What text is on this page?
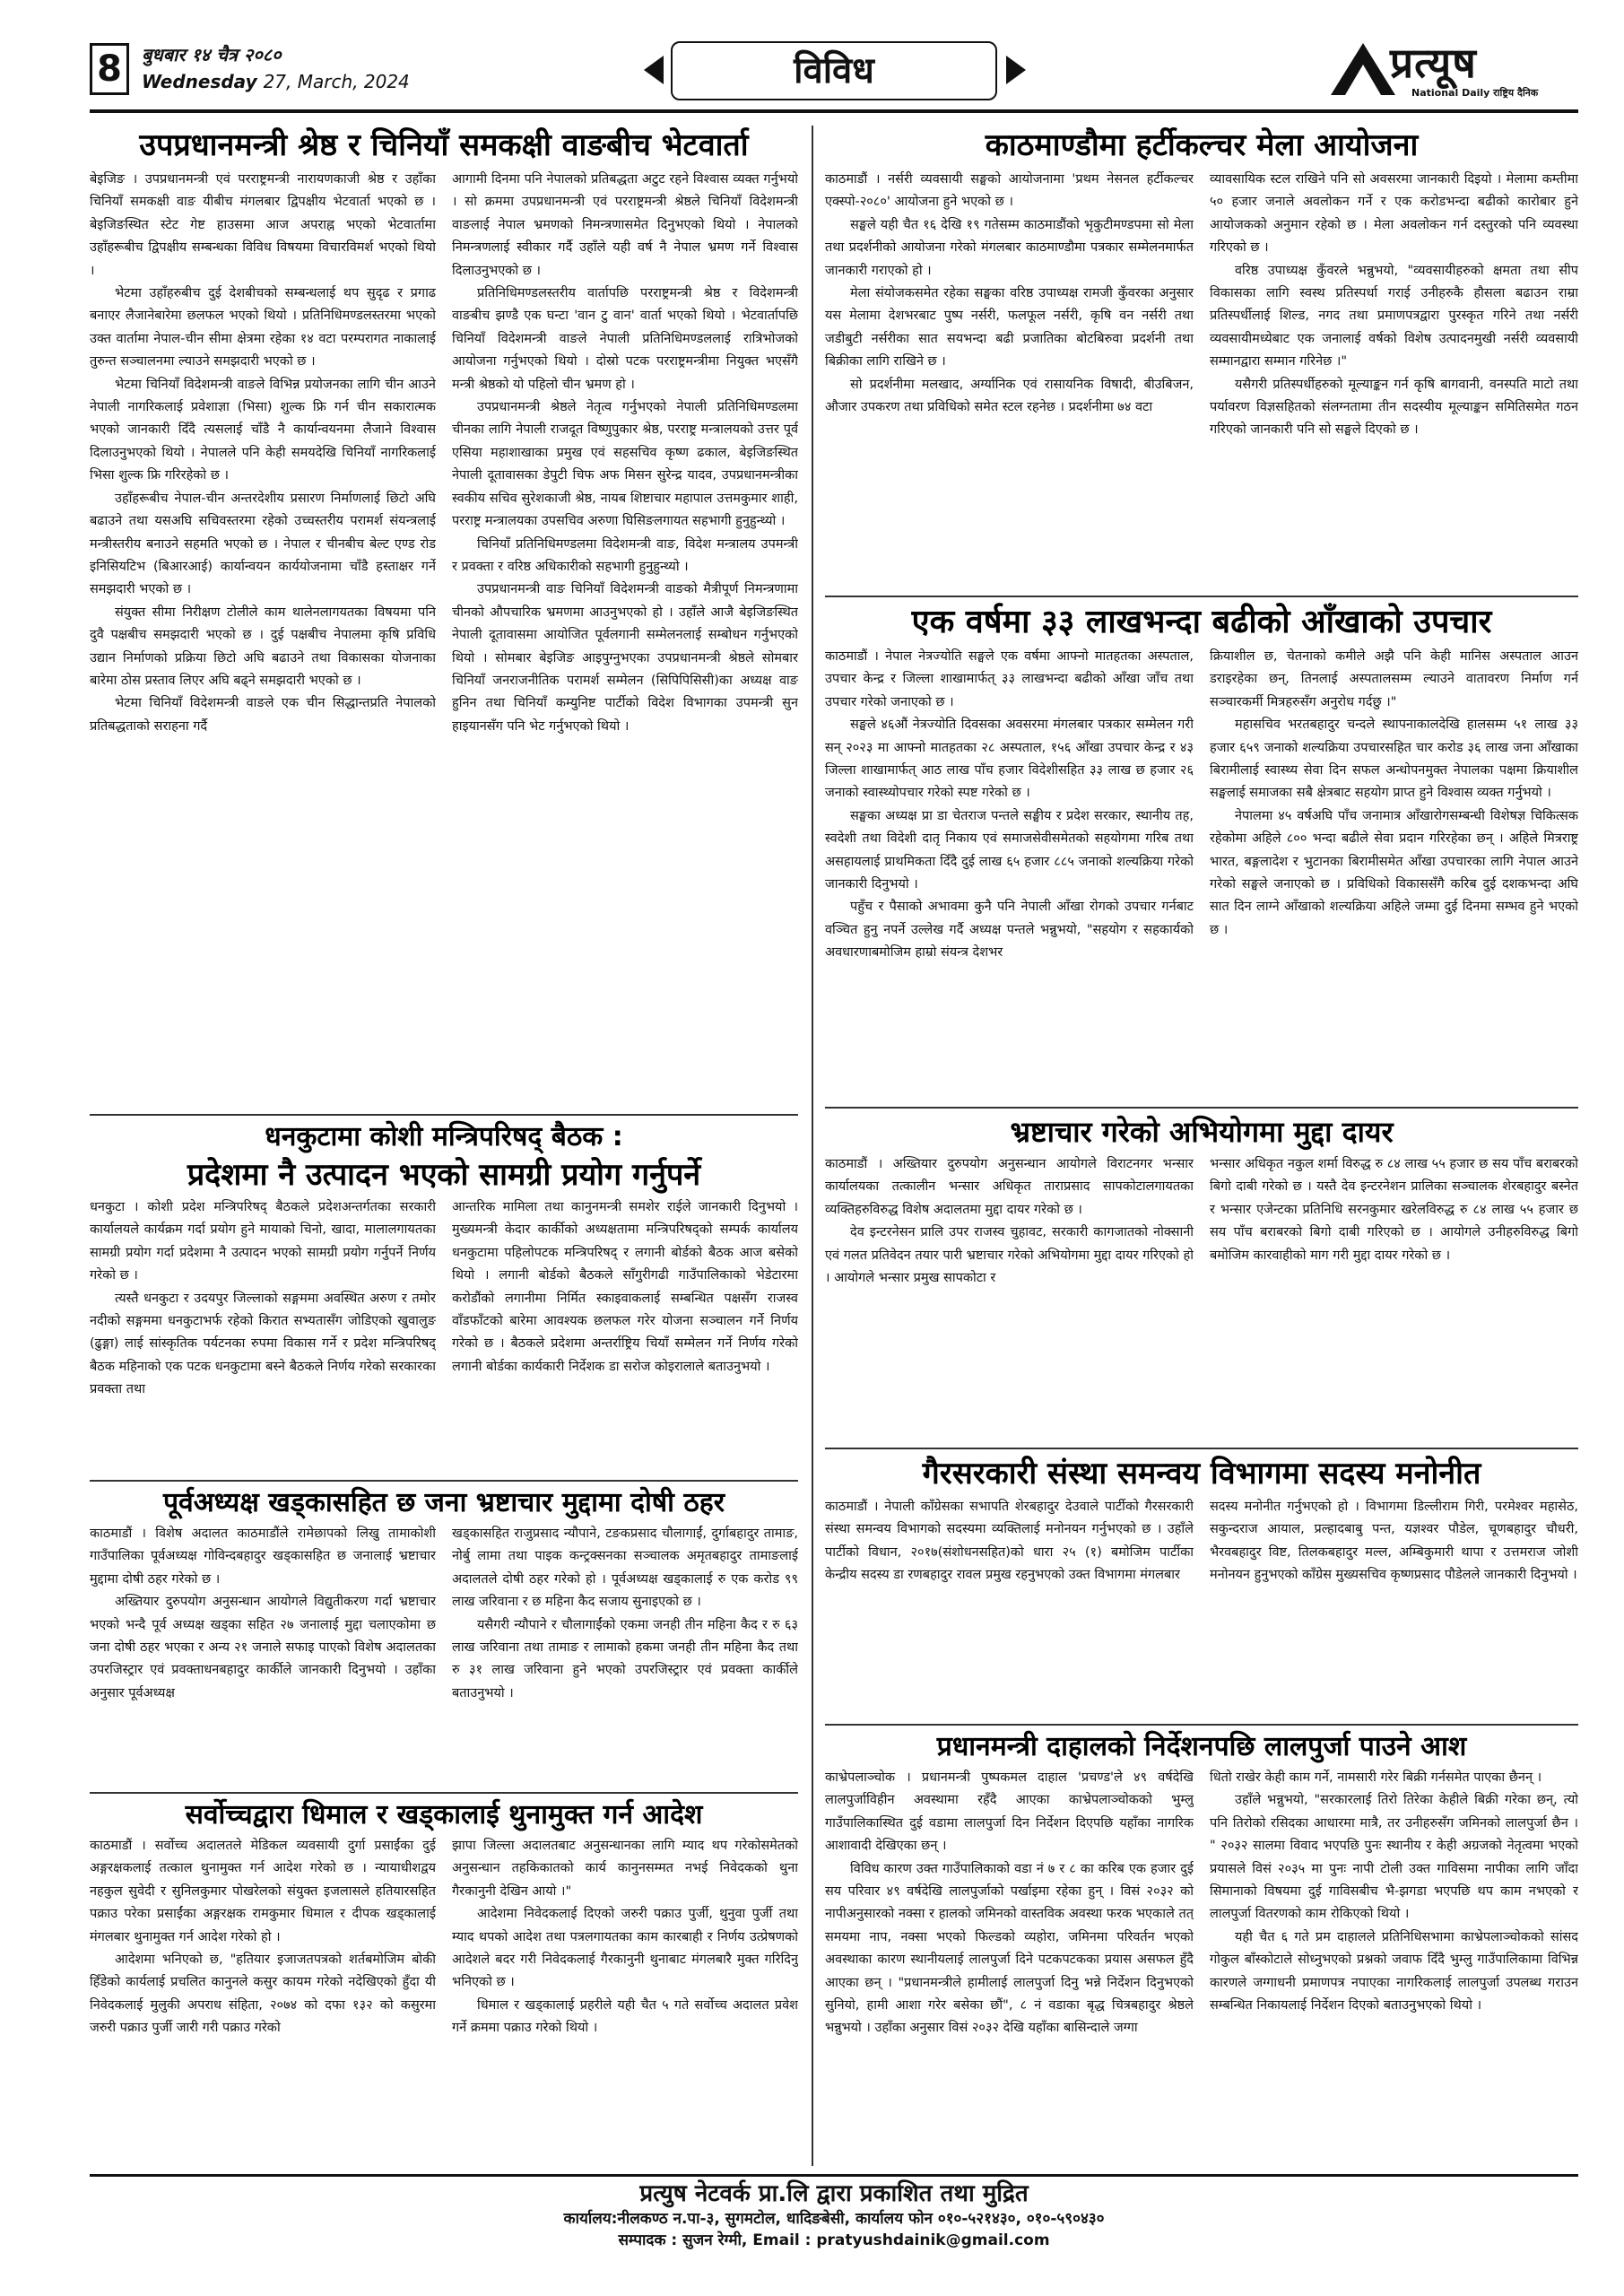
8	बुधबार १४ चैत्र २०८०
Wednesday 27, March, 2024	विविध	प्रत्यूष
National Daily राष्ट्रिय दैनिक
उपप्रधानमन्त्री श्रेष्ठ र चिनियाँ समकक्षी वाङबीच भेटवार्ता

बेइजिङ । उपप्रधानमन्त्री एवं परराष्ट्रमन्त्री नारायणकाजी श्रेष्ठ र उहाँका चिनियाँ समकक्षी वाङ यीबीच मंगलबार द्विपक्षीय भेटवार्ता भएको छ । बेइजिङस्थित स्टेट गेष्ट हाउसमा आज अपराह्न भएको भेटवार्तामा उहाँहरूबीच द्विपक्षीय सम्बन्धका विविध विषयमा विचारविमर्श भएको थियो ।

भेटमा उहाँहरुबीच दुई देशबीचको सम्बन्धलाई थप सुदृढ र प्रगाढ बनाएर लैजानेबारेमा छलफल भएको थियो । प्रतिनिधिमण्डलस्तरमा भएको उक्त वार्तामा नेपाल-चीन सीमा क्षेत्रमा रहेका १४ वटा परम्परागत नाकालाई तुरुन्त सञ्चालनमा ल्याउने समझदारी भएको छ ।

भेटमा चिनियाँ विदेशमन्त्री वाङले विभिन्न प्रयोजनका लागि चीन आउने नेपाली नागरिकलाई प्रवेशाज्ञा (भिसा) शुल्क फ्रि गर्न चीन सकारात्मक भएको जानकारी दिँदै त्यसलाई चाँडै नै कार्यान्वयनमा लैजाने विश्वास दिलाउनुभएको थियो । नेपालले पनि केही समयदेखि चिनियाँ नागरिकलाई भिसा शुल्क फ्रि गरिरहेको छ ।

उहाँहरूबीच नेपाल-चीन अन्तरदेशीय प्रसारण निर्माणलाई छिटो अघि बढाउने तथा यसअघि सचिवस्तरमा रहेको उच्चस्तरीय परामर्श संयन्त्रलाई मन्त्रीस्तरीय बनाउने सहमति भएको छ । नेपाल र चीनबीच बेल्ट एण्ड रोड इनिसियटिभ (बिआरआई) कार्यान्वयन कार्ययोजनामा चाँडै हस्ताक्षर गर्ने समझदारी भएको छ ।

संयुक्त सीमा निरीक्षण टोलीले काम थालेनलागयतका विषयमा पनि दुवै पक्षबीच समझदारी भएको छ । दुई पक्षबीच नेपालमा कृषि प्रविधि उद्यान निर्माणको प्रक्रिया छिटो अघि बढाउने तथा विकासका योजनाका बारेमा ठोस प्रस्ताव लिएर अघि बढ्ने समझदारी भएको छ ।

भेटमा चिनियाँ विदेशमन्त्री वाङले एक चीन सिद्धान्तप्रति नेपालको प्रतिबद्धताको सराहना गर्दै

आगामी दिनमा पनि नेपालको प्रतिबद्धता अटुट रहने विश्वास व्यक्त गर्नुभयो । सो क्रममा उपप्रधानमन्त्री एवं परराष्ट्रमन्त्री श्रेष्ठले चिनियाँ विदेशमन्त्री वाङलाई नेपाल भ्रमणको निमन्त्रणासमेत दिनुभएको थियो । नेपालको निमन्त्रणलाई स्वीकार गर्दै उहाँले यही वर्ष नै नेपाल भ्रमण गर्ने विश्वास दिलाउनुभएको छ ।

प्रतिनिधिमण्डलस्तरीय वार्तापछि परराष्ट्रमन्त्री श्रेष्ठ र विदेशमन्त्री वाङबीच झण्डै एक घन्टा 'वान टु वान' वार्ता भएको थियो । भेटवार्तापछि चिनियाँ विदेशमन्त्री वाङले नेपाली प्रतिनिधिमण्डललाई रात्रिभोजको आयोजना गर्नुभएको थियो । दोस्रो पटक परराष्ट्रमन्त्रीमा नियुक्त भएसँगै मन्त्री श्रेष्ठको यो पहिलो चीन भ्रमण हो ।

उपप्रधानमन्त्री श्रेष्ठले नेतृत्व गर्नुभएको नेपाली प्रतिनिधिमण्डलमा चीनका लागि नेपाली राजदूत विष्णुपुकार श्रेष्ठ, परराष्ट्र मन्त्रालयको उत्तर पूर्व एसिया महाशाखाका प्रमुख एवं सहसचिव कृष्ण ढकाल, बेइजिङस्थित नेपाली दूतावासका डेपुटी चिफ अफ मिसन सुरेन्द्र यादव, उपप्रधानमन्त्रीका स्वकीय सचिव सुरेशकाजी श्रेष्ठ, नायब शिष्टाचार महापाल उत्तमकुमार शाही, परराष्ट्र मन्त्रालयका उपसचिव अरुणा घिसिङलगायत सहभागी हुनुहुन्थ्यो ।

चिनियाँ प्रतिनिधिमण्डलमा विदेशमन्त्री वाङ, विदेश मन्त्रालय उपमन्त्री र प्रवक्ता र वरिष्ठ अधिकारीको सहभागी हुनुहुन्थ्यो ।

उपप्रधानमन्त्री वाङ चिनियाँ विदेशमन्त्री वाङको मैत्रीपूर्ण निमन्त्रणामा चीनको औपचारिक भ्रमणमा आउनुभएको हो । उहाँले आजै बेइजिङस्थित नेपाली दूतावासमा आयोजित पूर्वलगानी सम्मेलनलाई सम्बोधन गर्नुभएको थियो । सोमबार बेइजिङ आइपुग्नुभएका उपप्रधानमन्त्री श्रेष्ठले सोमबार चिनियाँ जनराजनीतिक परामर्श सम्मेलन (सिपिपिसिसी)का अध्यक्ष वाङ हुनिन तथा चिनियाँ कम्युनिष्ट पार्टीको विदेश विभागका उपमन्त्री सुन हाइयानसँग पनि भेट गर्नुभएको थियो ।

धनकुटामा कोशी मन्त्रिपरिषद् बैठक :
प्रदेशमा नै उत्पादन भएको सामग्री प्रयोग गर्नुपर्ने

धनकुटा । कोशी प्रदेश मन्त्रिपरिषद् बैठकले प्रदेशअन्तर्गतका सरकारी कार्यालयले कार्यक्रम गर्दा प्रयोग हुने मायाको चिनो, खादा, मालालगायतका सामग्री प्रयोग गर्दा प्रदेशमा नै उत्पादन भएको सामग्री प्रयोग गर्नुपर्ने निर्णय गरेको छ ।

त्यस्तै धनकुटा र उदयपुर जिल्लाको सङ्गममा अवस्थित अरुण र तमोर नदीको सङ्गममा धनकुटाभर्फ रहेको किरात सभ्यतासँग जोडिएको खुवालुङ (ढुङ्गा) लाई सांस्कृतिक पर्यटनका रुपमा विकास गर्ने र प्रदेश मन्त्रिपरिषद् बैठक महिनाको एक पटक धनकुटामा बस्ने बैठकले निर्णय गरेको सरकारका प्रवक्ता तथा

आन्तरिक मामिला तथा कानुनमन्त्री समशेर राईले जानकारी दिनुभयो । मुख्यमन्त्री केदार कार्कीको अध्यक्षतामा मन्त्रिपरिषद्को सम्पर्क कार्यालय धनकुटामा पहिलोपटक मन्त्रिपरिषद् र लगानी बोर्डको बैठक आज बसेको थियो । लगानी बोर्डको बैठकले साँगुरीगढी गाउँपालिकाको भेडेटारमा करोडौंको लगानीमा निर्मित स्काइवाकलाई सम्बन्धित पक्षसँग राजस्व वाँडफाँटको बारेमा आवश्यक छलफल गरेर योजना सञ्चालन गर्ने निर्णय गरेको छ । बैठकले प्रदेशमा अन्तर्राष्ट्रिय चियाँ सम्मेलन गर्ने निर्णय गरेको लगानी बोर्डका कार्यकारी निर्देशक डा सरोज कोइरालाले बताउनुभयो ।

पूर्वअध्यक्ष खड्कासहित छ जना भ्रष्टाचार मुद्दामा दोषी ठहर

काठमाडौं । विशेष अदालत काठमाडौंले रामेछापको लिखु तामाकोशी गाउँपालिका पूर्वअध्यक्ष गोविन्दबहादुर खड्कासहित छ जनालाई भ्रष्टाचार मुद्दामा दोषी ठहर गरेको छ ।

अख्तियार दुरुपयोग अनुसन्धान आयोगले विद्युतीकरण गर्दा भ्रष्टाचार भएको भन्दै पूर्व अध्यक्ष खड्का सहित २७ जनालाई मुद्दा चलाएकोमा छ जना दोषी ठहर भएका र अन्य २१ जनाले सफाइ पाएको विशेष अदालतका उपरजिस्ट्रार एवं प्रवक्ताधनबहादुर कार्कीले जानकारी दिनुभयो । उहाँका अनुसार पूर्वअध्यक्ष

खड्कासहित राजुप्रसाद न्यौपाने, टङकप्रसाद चौलागाईं, दुर्गाबहादुर तामाङ, नोर्बु लामा तथा पाइक कन्ट्रक्सनका सञ्चालक अमृतबहादुर तामाङलाई अदालतले दोषी ठहर गरेको हो । पूर्वअध्यक्ष खड्कालाई रु एक करोड ९९ लाख जरिवाना र छ महिना कैद सजाय सुनाइएको छ ।

यसैगरी न्यौपाने र चौलागाईंको एकमा जनही तीन महिना कैद र रु ६३ लाख जरिवाना तथा तामाङ र लामाको हकमा जनही तीन महिना कैद तथा रु ३१ लाख जरिवाना हुने भएको उपरजिस्ट्रार एवं प्रवक्ता कार्कीले बताउनुभयो ।

सर्वोच्चद्वारा धिमाल र खड्कालाई थुनामुक्त गर्न आदेश

काठमाडौं । सर्वोच्च अदालतले मेडिकल व्यवसायी दुर्गा प्रसाईंका दुई अङ्गरक्षकलाई तत्काल थुनामुक्त गर्न आदेश गरेको छ । न्यायाधीशद्वय नहकुल सुवेदी र सुनिलकुमार पोखरेलको संयुक्त इजलासले हतियारसहित पक्राउ परेका प्रसाईंका अङ्गरक्षक रामकुमार धिमाल र दीपक खड्कालाई मंगलबार थुनामुक्त गर्न आदेश गरेको हो ।

आदेशमा भनिएको छ, "हतियार इजाजतपत्रको शर्तबमोजिम बोकी हिँडेको कार्यलाई प्रचलित कानुनले कसुर कायम गरेको नदेखिएको हुँदा यी निवेदकलाई मुलुकी अपराध संहिता, २०७४ को दफा १३२ को कसुरमा जरुरी पक्राउ पुर्जी जारी गरी पक्राउ गरेको

झापा जिल्ला अदालतबाट अनुसन्धानका लागि म्याद थप गरेकोसमेतको अनुसन्धान तहकिकातको कार्य कानुनसम्मत नभई निवेदकको थुना गैरकानुनी देखिन आयो ।"

आदेशमा निवेदकलाई दिएको जरुरी पक्राउ पुर्जी, थुनुवा पुर्जी तथा म्याद थपको आदेश तथा पत्रलगायतका काम कारबाही र निर्णय उत्प्रेषणको आदेशले बदर गरी निवेदकलाई गैरकानुनी थुनाबाट मंगलबारै मुक्त गरिदिनु भनिएको छ ।

धिमाल र खड्कालाई प्रहरीले यही चैत ५ गते सर्वोच्च अदालत प्रवेश गर्ने क्रममा पक्राउ गरेको थियो ।

काठमाण्डौमा हर्टीकल्चर मेला आयोजना

काठमाडौं । नर्सरी व्यवसायी सङ्घको आयोजनामा 'प्रथम नेसनल हर्टीकल्चर एक्स्पो-२०८०' आयोजना हुने भएको छ ।

सङ्घले यही चैत १६ देखि १९ गतेसम्म काठमाडौंको भृकुटीमण्डपमा सो मेला तथा प्रदर्शनीको आयोजना गरेको मंगलबार काठमाण्डौमा पत्रकार सम्मेलनमार्फत जानकारी गराएको हो ।

मेला संयोजकसमेत रहेका सङ्घका वरिष्ठ उपाध्यक्ष रामजी कुँवरका अनुसार यस मेलामा देशभरबाट पुष्प नर्सरी, फलफूल नर्सरी, कृषि वन नर्सरी तथा जडीबुटी नर्सरीका सात सयभन्दा बढी प्रजातिका बोटबिरुवा प्रदर्शनी तथा बिक्रीका लागि राखिने छ ।

सो प्रदर्शनीमा मलखाद, अर्ग्यानिक एवं रासायनिक विषादी, बीउबिजन, औजार उपकरण तथा प्रविधिको समेत स्टल रहनेछ । प्रदर्शनीमा ७४ वटा

व्यावसायिक स्टल राखिने पनि सो अवसरमा जानकारी दिइयो । मेलामा कम्तीमा ५० हजार जनाले अवलोकन गर्ने र एक करोडभन्दा बढीको कारोबार हुने आयोजकको अनुमान रहेको छ । मेला अवलोकन गर्न दस्तुरको पनि व्यवस्था गरिएको छ ।

वरिष्ठ उपाध्यक्ष कुँवरले भन्नुभयो, "व्यवसायीहरुको क्षमता तथा सीप विकासका लागि स्वस्थ प्रतिस्पर्धा गराई उनीहरुकै हौसला बढाउन राम्रा प्रतिस्पर्धीलाई शिल्ड, नगद तथा प्रमाणपत्रद्वारा पुरस्कृत गरिने तथा नर्सरी व्यवसायीमध्येबाट एक जनालाई वर्षको विशेष उत्पादनमुखी नर्सरी व्यवसायी सम्मानद्वारा सम्मान गरिनेछ ।"

यसैगरी प्रतिस्पर्धीहरुको मूल्याङ्कन गर्न कृषि बागवानी, वनस्पति माटो तथा पर्यावरण विज्ञसहितको संलग्नतामा तीन सदस्यीय मूल्याङ्कन समितिसमेत गठन गरिएको जानकारी पनि सो सङ्घले दिएको छ ।

एक वर्षमा ३३ लाखभन्दा बढीको आँखाको उपचार

काठमाडौं । नेपाल नेत्रज्योति सङ्घले एक वर्षमा आफ्नो मातहतका अस्पताल, उपचार केन्द्र र जिल्ला शाखामार्फत् ३३ लाखभन्दा बढीको आँखा जाँच तथा उपचार गरेको जनाएको छ ।

सङ्घले ४६औं नेत्रज्योति दिवसका अवसरमा मंगलबार पत्रकार सम्मेलन गरी सन् २०२३ मा आफ्नो मातहतका २८ अस्पताल, १५६ आँखा उपचार केन्द्र र ४३ जिल्ला शाखामार्फत् आठ लाख पाँच हजार विदेशीसहित ३३ लाख छ हजार २६ जनाको स्वास्थ्योपचार गरेको स्पष्ट गरेको छ ।

सङ्घका अध्यक्ष प्रा डा चेतराज पन्तले सङ्घीय र प्रदेश सरकार, स्थानीय तह, स्वदेशी तथा विदेशी दातृ निकाय एवं समाजसेवीसमेतको सहयोगमा गरिब तथा असहायलाई प्राथमिकता दिँदै दुई लाख ६५ हजार ८८५ जनाको शल्यक्रिया गरेको जानकारी दिनुभयो ।

पहुँच र पैसाको अभावमा कुनै पनि नेपाली आँखा रोगको उपचार गर्नबाट वञ्चित हुनु नपर्ने उल्लेख गर्दै अध्यक्ष पन्तले भन्नुभयो, "सहयोग र सहकार्यको अवधारणाबमोजिम हाम्रो संयन्त्र देशभर

क्रियाशील छ, चेतनाको कमीले अझै पनि केही मानिस अस्पताल आउन डराइरहेका छन्, तिनलाई अस्पतालसम्म ल्याउने वातावरण निर्माण गर्न सञ्चारकर्मी मित्रहरुसँग अनुरोध गर्दछु ।"

महासचिव भरतबहादुर चन्दले स्थापनाकालदेखि हालसम्म ५१ लाख ३३ हजार ६५९ जनाको शल्यक्रिया उपचारसहित चार करोड ३६ लाख जना आँखाका बिरामीलाई स्वास्थ्य सेवा दिन सफल अन्धोपनमुक्त नेपालका पक्षमा क्रियाशील सङ्घलाई समाजका सबै क्षेत्रबाट सहयोग प्राप्त हुने विश्वास व्यक्त गर्नुभयो ।

नेपालमा ४५ वर्षअघि पाँच जनामात्र आँखारोगसम्बन्धी विशेषज्ञ चिकित्सक रहेकोमा अहिले ८०० भन्दा बढीले सेवा प्रदान गरिरहेका छन् । अहिले मित्रराष्ट्र भारत, बङ्गलादेश र भुटानका बिरामीसमेत आँखा उपचारका लागि नेपाल आउने गरेको सङ्घले जनाएको छ । प्रविधिको विकाससँगै करिब दुई दशकभन्दा अघि सात दिन लाग्ने आँखाको शल्यक्रिया अहिले जम्मा दुई दिनमा सम्भव हुने भएको छ ।

भ्रष्टाचार गरेको अभियोगमा मुद्दा दायर

काठमाडौं । अख्तियार दुरुपयोग अनुसन्धान आयोगले विराटनगर भन्सार कार्यालयका तत्कालीन भन्सार अधिकृत ताराप्रसाद सापकोटालगायतका व्यक्तिहरुविरुद्ध विशेष अदालतमा मुद्दा दायर गरेको छ ।

देव इन्टरनेसन प्रालि उपर राजस्व चुहावट, सरकारी कागजातको नोक्सानी एवं गलत प्रतिवेदन तयार पारी भ्रष्टाचार गरेको अभियोगमा मुद्दा दायर गरिएको हो । आयोगले भन्सार प्रमुख सापकोटा र

भन्सार अधिकृत नकुल शर्मा विरुद्ध रु ८४ लाख ५५ हजार छ सय पाँच बराबरको बिगो दाबी गरेको छ । यस्तै देव इन्टरनेशन प्रालिका सञ्चालक शेरबहादुर बस्नेत र भन्सार एजेन्टका प्रतिनिधि सरनकुमार खरेलविरुद्ध रु ८४ लाख ५५ हजार छ सय पाँच बराबरको बिगो दाबी गरिएको छ । आयोगले उनीहरुविरुद्ध बिगो बमोजिम कारवाहीको माग गरी मुद्दा दायर गरेको छ ।

गैरसरकारी संस्था समन्वय विभागमा सदस्य मनोनीत

काठमाडौं । नेपाली काँग्रेसका सभापति शेरबहादुर देउवाले पार्टीको गैरसरकारी संस्था समन्वय विभागको सदस्यमा व्यक्तिलाई मनोनयन गर्नुभएको छ । उहाँले पार्टीको विधान, २०१७(संशोधनसहित)को धारा २५ (१) बमोजिम पार्टीका केन्द्रीय सदस्य डा रणबहादुर रावल प्रमुख रहनुभएको उक्त विभागमा मंगलबार

सदस्य मनोनीत गर्नुभएको हो । विभागमा डिल्लीराम गिरी, परमेश्वर महासेठ, सकुन्दराज आयाल, प्रल्हादबाबु पन्त, यज्ञश्वर पौडेल, चूणबहादुर चौधरी, भैरवबहादुर विष्ट, तिलकबहादुर मल्ल, अम्बिकुमारी थापा र उत्तमराज जोशी मनोनयन हुनुभएको काँग्रेस मुख्यसचिव कृष्णप्रसाद पौडेलले जानकारी दिनुभयो ।

प्रधानमन्त्री दाहालको निर्देशनपछि लालपुर्जा पाउने आश

काभ्रेपलाञ्चोक । प्रधानमन्त्री पुष्पकमल दाहाल 'प्रचण्ड'ले ४९ वर्षदेखि लालपुर्जाविहीन अवस्थामा रहँदै आएका काभ्रेपलाञ्चोकको भुम्लु गाउँपालिकास्थित दुई वडामा लालपुर्जा दिन निर्देशन दिएपछि यहाँका नागरिक आशावादी देखिएका छन् ।

विविध कारण उक्त गाउँपालिकाको वडा नं ७ र ८ का करिब एक हजार दुई सय परिवार ४९ वर्षदेखि लालपुर्जाको पर्खाइमा रहेका हुन् । विसं २०३२ को नापीअनुसारको नक्सा र हालको जमिनको वास्तविक अवस्था फरक भएकाले तत् समयमा नाप, नक्सा भएको फिल्डको व्यहोरा, जमिनमा परिवर्तन भएको अवस्थाका कारण स्थानीयलाई लालपुर्जा दिने पटकपटकका प्रयास असफल हुँदै आएका छन् । "प्रधानमन्त्रीले हामीलाई लालपुर्जा दिनु भन्ने निर्देशन दिनुभएको सुनियो, हामी आशा गरेर बसेका छौं", ८ नं वडाका बृद्ध चित्रबहादुर श्रेष्ठले भन्नुभयो । उहाँका अनुसार विसं २०३२ देखि यहाँका बासिन्दाले जग्गा

धितो राखेर केही काम गर्ने, नामसारी गरेर बिक्री गर्नसमेत पाएका छैनन् ।

उहाँले भन्नुभयो, "सरकारलाई तिरो तिरेका केहीले बिक्री गरेका छन्, त्यो पनि तिरोको रसिदका आधारमा मात्रै, तर उनीहरुसँग जमिनको लालपुर्जा छैन । " २०३२ सालमा विवाद भएपछि पुनः स्थानीय र केही अग्रजको नेतृत्वमा भएको प्रयासले विसं २०३५ मा पुनः नापी टोली उक्त गाविसमा नापीका लागि जाँदा सिमानाको विषयमा दुई गाविसबीच भै-झगडा भएपछि थप काम नभएको र लालपुर्जा वितरणको काम रोकिएको थियो ।

यही चैत ६ गते प्रम दाहालले प्रतिनिधिसभामा काभ्रेपलाञ्चोकको सांसद गोकुल बाँस्कोटाले सोध्नुभएको प्रश्नको जवाफ दिँदै भुम्लु गाउँपालिकामा विभिन्न कारणले जग्गाधनी प्रमाणपत्र नपाएका नागरिकलाई लालपुर्जा उपलब्ध गराउन सम्बन्धित निकायलाई निर्देशन दिएको बताउनुभएको थियो ।

प्रत्युष नेटवर्क प्रा.लि द्वारा प्रकाशित तथा मुद्रित
कार्यालय:नीलकण्ठ न.पा-३, सुगमटोल, धादिङबेसी, कार्यालय फोन ०१०-५२१४३०, ०१०-५९०४३०
सम्पादक : सुजन रेग्मी, Email : pratyushdainik@gmail.com
